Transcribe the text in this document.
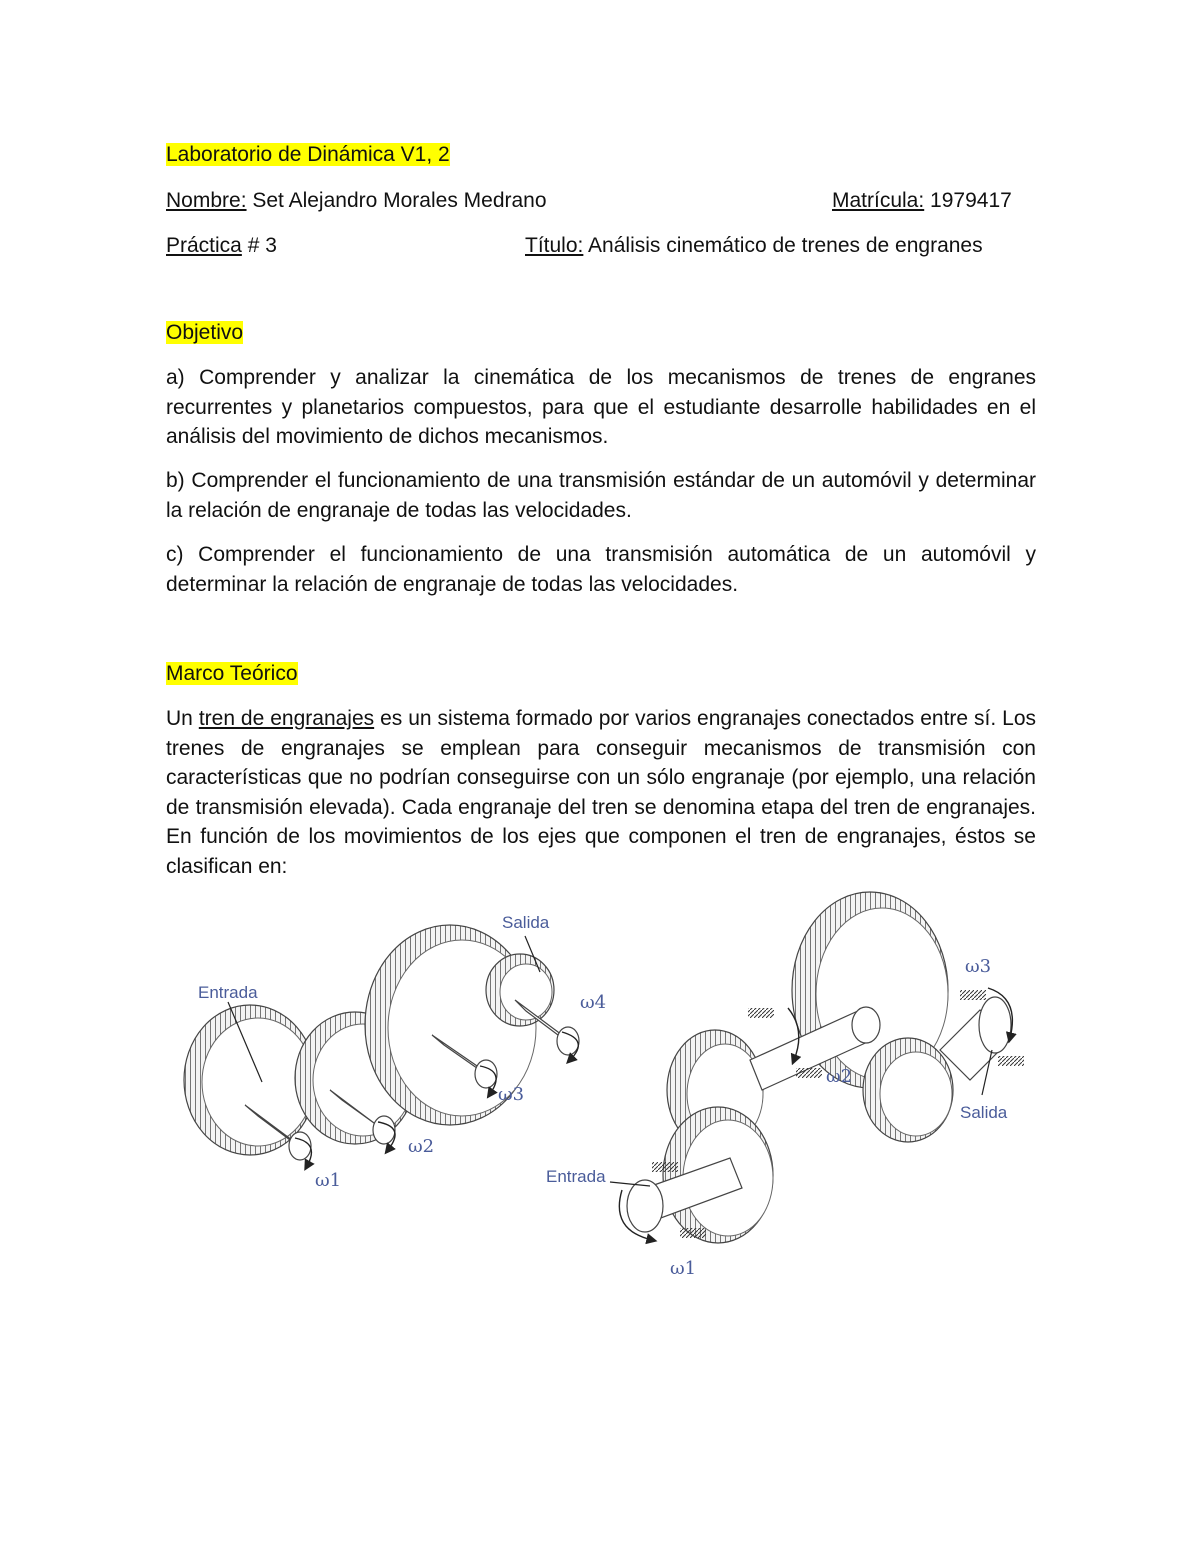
Laboratorio de Dinámica V1, 2
Nombre: Set Alejandro Morales Medrano	Matrícula: 1979417
Práctica # 3	Título: Análisis cinemático de trenes de engranes
Objetivo
a) Comprender y analizar la cinemática de los mecanismos de trenes de engranes recurrentes y planetarios compuestos, para que el estudiante desarrolle habilidades en el análisis del movimiento de dichos mecanismos.
b) Comprender el funcionamiento de una transmisión estándar de un automóvil y determinar la relación de engranaje de todas las velocidades.
c) Comprender el funcionamiento de una transmisión automática de un automóvil y determinar la relación de engranaje de todas las velocidades.
Marco Teórico
Un tren de engranajes es un sistema formado por varios engranajes conectados entre sí. Los trenes de engranajes se emplean para conseguir mecanismos de transmisión con características que no podrían conseguirse con un sólo engranaje (por ejemplo, una relación de transmisión elevada). Cada engranaje del tren se denomina etapa del tren de engranajes. En función de los movimientos de los ejes que componen el tren de engranajes, éstos se clasifican en:
Entrada
Salida
ω1
ω2
ω3
ω4
Entrada
Salida
ω1
ω2
ω3
